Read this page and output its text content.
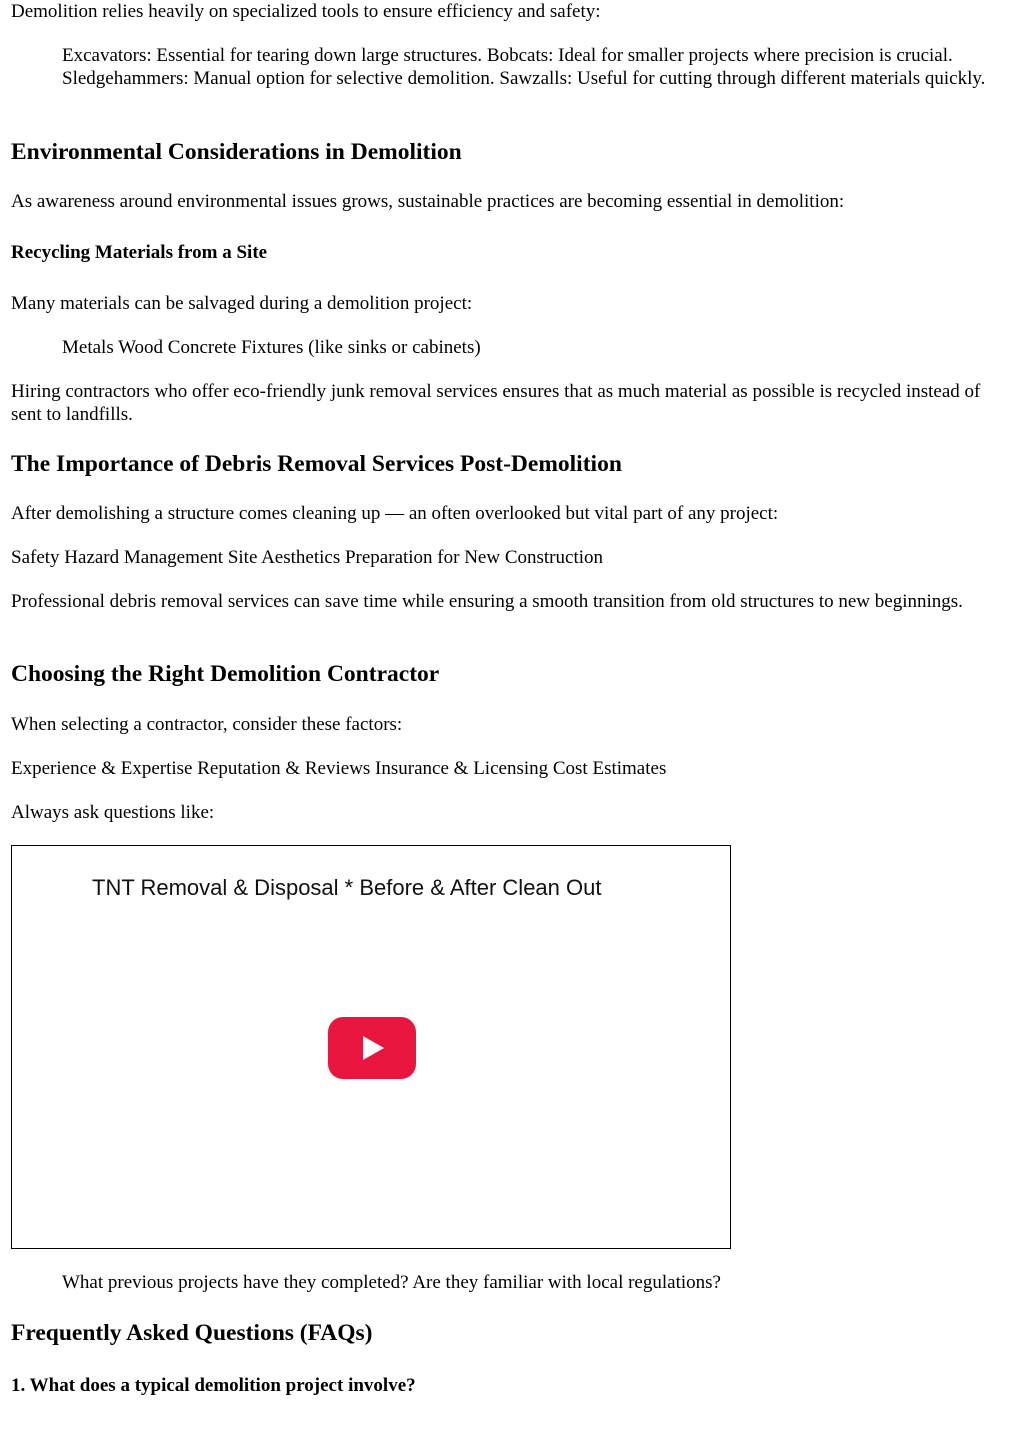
Demolition relies heavily on specialized tools to ensure efficiency and safety:

Excavators: Essential for tearing down large structures. Bobcats: Ideal for smaller projects where precision is crucial. Sledgehammers: Manual option for selective demolition. Sawzalls: Useful for cutting through different materials quickly.

Environmental Considerations in Demolition

As awareness around environmental issues grows, sustainable practices are becoming essential in demolition:

Recycling Materials from a Site

Many materials can be salvaged during a demolition project:

Metals Wood Concrete Fixtures (like sinks or cabinets)

Hiring contractors who offer eco-friendly junk removal services ensures that as much material as possible is recycled instead of sent to landfills.

The Importance of Debris Removal Services Post-Demolition

After demolishing a structure comes cleaning up — an often overlooked but vital part of any project:

Safety Hazard Management Site Aesthetics Preparation for New Construction

Professional debris removal services can save time while ensuring a smooth transition from old structures to new beginnings.

Choosing the Right Demolition Contractor

When selecting a contractor, consider these factors:

Experience & Expertise Reputation & Reviews Insurance & Licensing Cost Estimates

Always ask questions like:

TNT Removal & Disposal * Before & After Clean Out

What previous projects have they completed? Are they familiar with local regulations?

Frequently Asked Questions (FAQs)
1. What does a typical demolition project involve?
